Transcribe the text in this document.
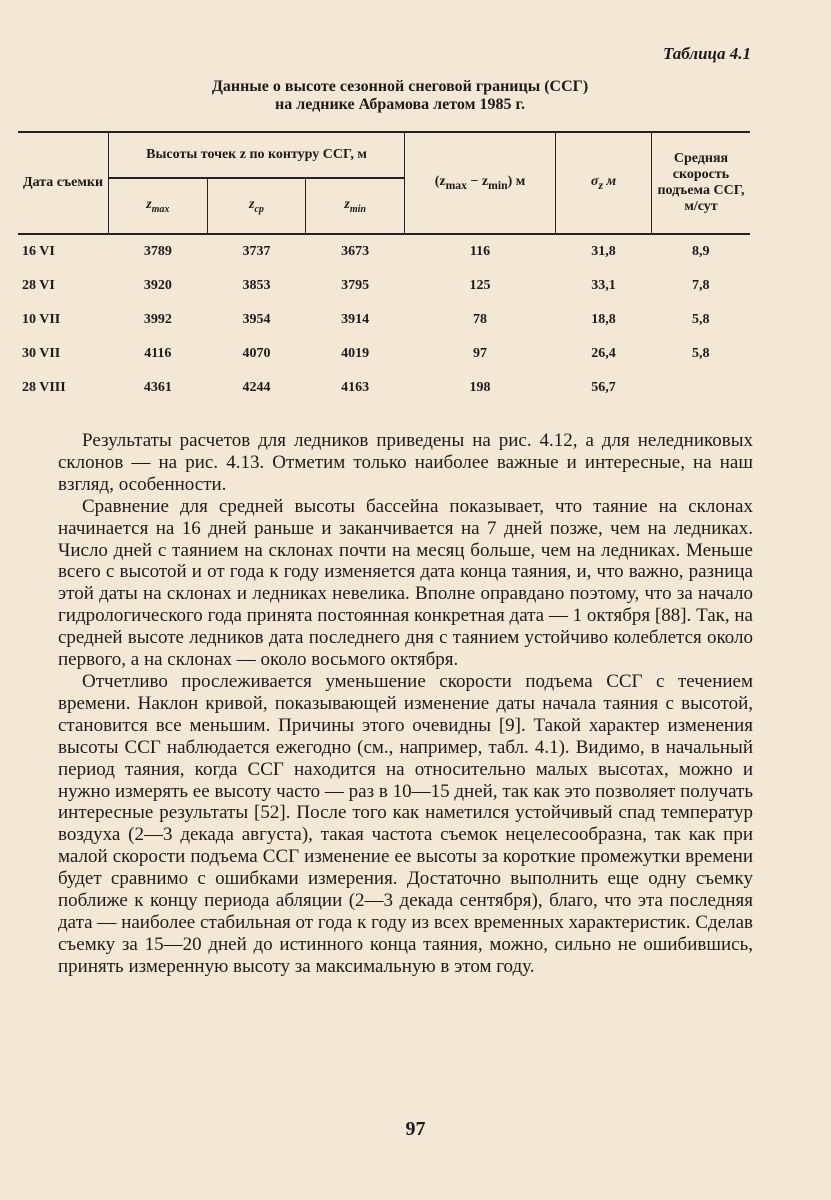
Таблица 4.1
Данные о высоте сезонной снеговой границы (ССГ)
на леднике Абрамова летом 1985 г.
Дата съемки	Высоты точек z по контуру ССГ, м			$(z_{max} - z_{min})$ м	$\sigma_z$ м	Средняя скорость подъема ССГ, м/сут
	$z_{max}$	$z_{ср}$	$z_{min}$
16 VI	3789	3737	3673	116	31,8	8,9

28 VI	3920	3853	3795	125	33,1	7,8

10 VII	3992	3954	3914	78	18,8	5,8

30 VII	4116	4070	4019	97	26,4	5,8

28 VIII	4361	4244	4163	198	56,7	

Результаты расчетов для ледников приведены на рис. 4.12, а для неледниковых склонов — на рис. 4.13. Отметим только наиболее важные и интересные, на наш взгляд, особенности.

Сравнение для средней высоты бассейна показывает, что таяние на склонах начинается на 16 дней раньше и заканчивается на 7 дней позже, чем на ледниках. Число дней с таянием на склонах почти на месяц больше, чем на ледниках. Меньше всего с высотой и от года к году изменяется дата конца таяния, и, что важно, разница этой даты на склонах и ледниках невелика. Вполне оправдано поэтому, что за начало гидрологического года принята постоянная конкретная дата — 1 октября [88]. Так, на средней высоте ледников дата последнего дня с таянием устойчиво колеблется около первого, а на склонах — около восьмого октября.

Отчетливо прослеживается уменьшение скорости подъема ССГ с течением времени. Наклон кривой, показывающей изменение даты начала таяния с высотой, становится все меньшим. Причины этого очевидны [9]. Такой характер изменения высоты ССГ наблюдается ежегодно (см., например, табл. 4.1). Видимо, в начальный период таяния, когда ССГ находится на относительно малых высотах, можно и нужно измерять ее высоту часто — раз в 10—15 дней, так как это позволяет получать интересные результаты [52]. После того как наметился устойчивый спад температур воздуха (2—3 декада августа), такая частота съемок нецелесообразна, так как при малой скорости подъема ССГ изменение ее высоты за короткие промежутки времени будет сравнимо с ошибками измерения. Достаточно выполнить еще одну съемку поближе к концу периода абляции (2—3 декада сентября), благо, что эта последняя дата — наиболее стабильная от года к году из всех временных характеристик. Сделав съемку за 15—20 дней до истинного конца таяния, можно, сильно не ошибившись, принять измеренную высоту за максимальную в этом году.

97
